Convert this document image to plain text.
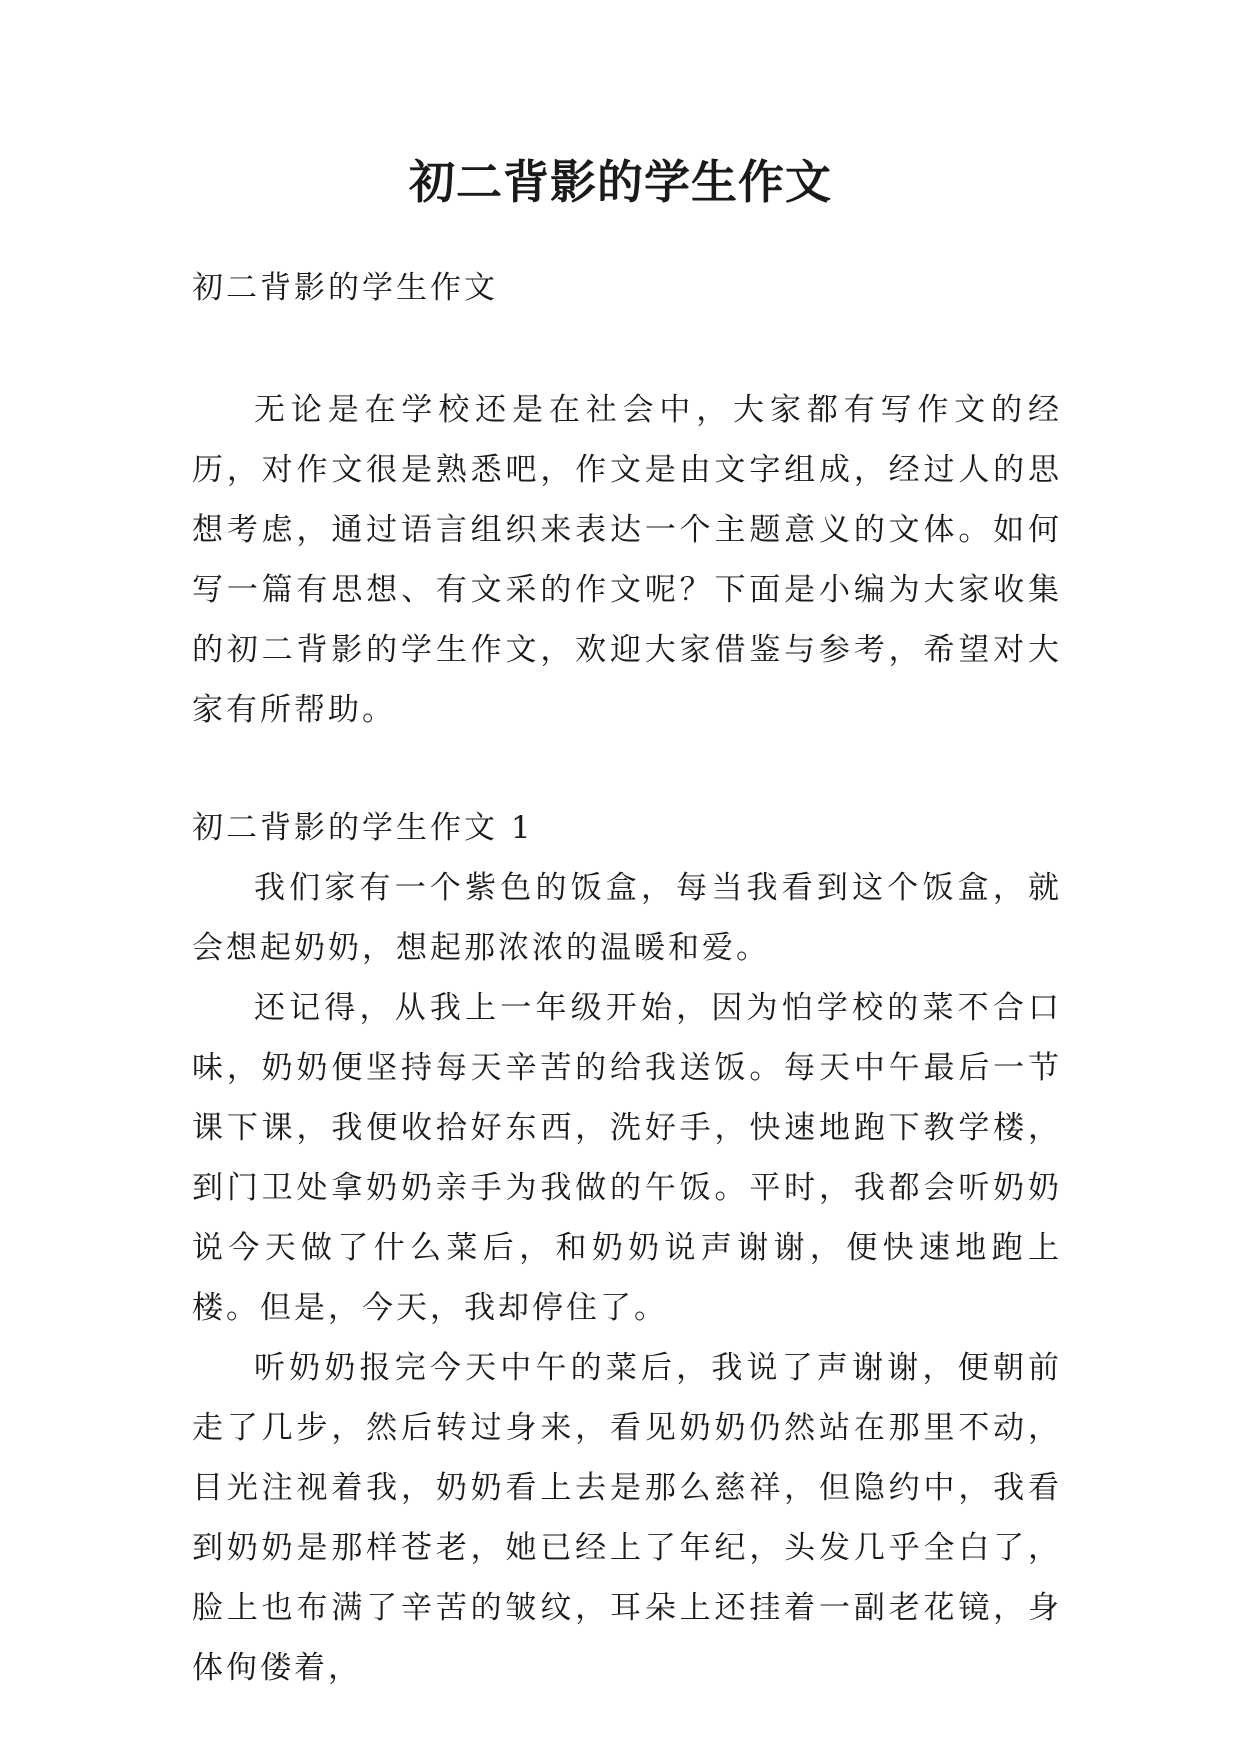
初二背影的学生作文

初二背影的学生作文

无论是在学校还是在社会中，大家都有写作文的经历，对作文很是熟悉吧，作文是由文字组成，经过人的思想考虑，通过语言组织来表达一个主题意义的文体。如何写一篇有思想、有文采的作文呢？下面是小编为大家收集的初二背影的学生作文，欢迎大家借鉴与参考，希望对大家有所帮助。

初二背影的学生作文 1

我们家有一个紫色的饭盒，每当我看到这个饭盒，就会想起奶奶，想起那浓浓的温暖和爱。

还记得，从我上一年级开始，因为怕学校的菜不合口味，奶奶便坚持每天辛苦的给我送饭。每天中午最后一节课下课，我便收拾好东西，洗好手，快速地跑下教学楼，到门卫处拿奶奶亲手为我做的午饭。平时，我都会听奶奶说今天做了什么菜后，和奶奶说声谢谢，便快速地跑上楼。但是，今天，我却停住了。

听奶奶报完今天中午的菜后，我说了声谢谢，便朝前走了几步，然后转过身来，看见奶奶仍然站在那里不动，目光注视着我，奶奶看上去是那么慈祥，但隐约中，我看到奶奶是那样苍老，她已经上了年纪，头发几乎全白了，脸上也布满了辛苦的皱纹，耳朵上还挂着一副老花镜，身体佝偻着，
